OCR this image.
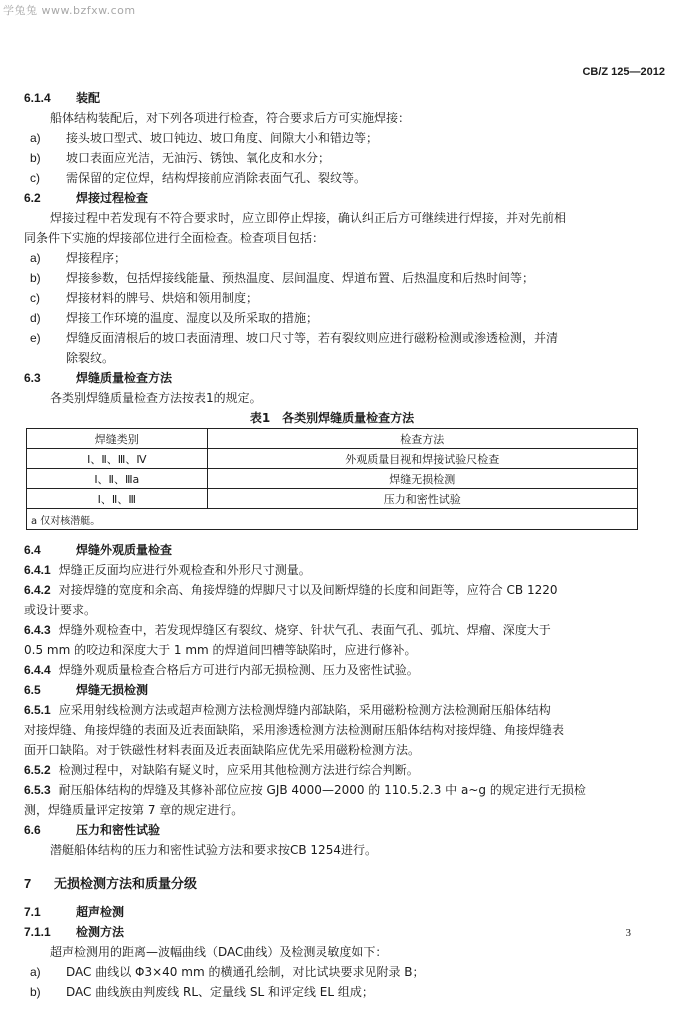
学兔兔 www.bzfxw.com
CB/Z 125—2012
6.1.4 装配
船体结构装配后，对下列各项进行检查，符合要求后方可实施焊接：
a) 接头坡口型式、坡口钝边、坡口角度、间隙大小和错边等；
b) 坡口表面应光洁，无油污、锈蚀、氧化皮和水分；
c) 需保留的定位焊，结构焊接前应消除表面气孔、裂纹等。
6.2	焊接过程检查
焊接过程中若发现有不符合要求时，应立即停止焊接，确认纠正后方可继续进行焊接，并对先前相
同条件下实施的焊接部位进行全面检查。检查项目包括：
a) 焊接程序；
b) 焊接参数，包括焊接线能量、预热温度、层间温度、焊道布置、后热温度和后热时间等；
c) 焊接材料的牌号、烘焙和领用制度；
d) 焊接工作环境的温度、湿度以及所采取的措施；
e) 焊缝反面清根后的坡口表面清理、坡口尺寸等，若有裂纹则应进行磁粉检测或渗透检测，并清
除裂纹。
6.3	焊缝质量检查方法
各类别焊缝质量检查方法按表1的规定。
表1　各类别焊缝质量检查方法
焊缝类别	检查方法
Ⅰ、Ⅱ、Ⅲ、Ⅳ	外观质量目视和焊接试验尺检查
Ⅰ、Ⅱ、Ⅲa	焊缝无损检测
Ⅰ、Ⅱ、Ⅲ	压力和密性试验
a 仅对核潜艇。	
6.4	焊缝外观质量检查
6.4.1 焊缝正反面均应进行外观检查和外形尺寸测量。
6.4.2 对接焊缝的宽度和余高、角接焊缝的焊脚尺寸以及间断焊缝的长度和间距等，应符合 CB 1220
或设计要求。
6.4.3 焊缝外观检查中，若发现焊缝区有裂纹、烧穿、针状气孔、表面气孔、弧坑、焊瘤、深度大于
0.5 mm 的咬边和深度大于 1 mm 的焊道间凹槽等缺陷时，应进行修补。
6.4.4 焊缝外观质量检查合格后方可进行内部无损检测、压力及密性试验。
6.5	焊缝无损检测
6.5.1 应采用射线检测方法或超声检测方法检测焊缝内部缺陷，采用磁粉检测方法检测耐压船体结构
对接焊缝、角接焊缝的表面及近表面缺陷，采用渗透检测方法检测耐压船体结构对接焊缝、角接焊缝表
面开口缺陷。对于铁磁性材料表面及近表面缺陷应优先采用磁粉检测方法。
6.5.2 检测过程中，对缺陷有疑义时，应采用其他检测方法进行综合判断。
6.5.3 耐压船体结构的焊缝及其修补部位应按 GJB 4000—2000 的 110.5.2.3 中 a~g 的规定进行无损检
测，焊缝质量评定按第 7 章的规定进行。
6.6	压力和密性试验
潜艇船体结构的压力和密性试验方法和要求按CB 1254进行。
7 无损检测方法和质量分级
7.1	超声检测
7.1.1 检测方法
超声检测用的距离—波幅曲线（DAC曲线）及检测灵敏度如下：
a) DAC 曲线以 Φ3×40 mm 的横通孔绘制，对比试块要求见附录 B；
b) DAC 曲线族由判废线 RL、定量线 SL 和评定线 EL 组成；
3
